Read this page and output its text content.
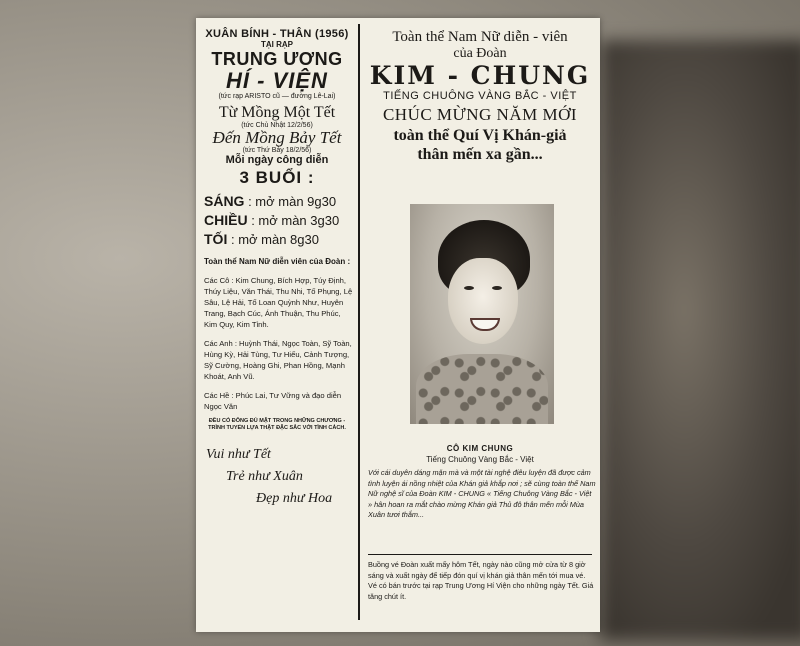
XUÂN BÍNH - THÂN (1956)
TẠI RẠP
TRUNG ƯƠNG
HÍ - VIỆN
(tức rạp ARISTO cũ — đường Lê-Lai)
Từ Mồng Một Tết
(tức Chủ Nhật 12/2/56)
Đến Mồng Bảy Tết
(tức Thứ Bảy 18/2/56)
Mỗi ngày công diễn
3 BUỔI :
SÁNG : mở màn 9g30
CHIỀU : mở màn 3g30
TỐI : mở màn 8g30
Toàn thể Nam Nữ diễn viên của Đoàn :
Các Cô : Kim Chung, Bích Hợp, Túy Định, Thúy Liệu, Văn Thái, Thu Nhi, Tố Phụng, Lệ Sâu, Lệ Hải, Tố Loan Quỳnh Như, Huyên Trang, Bạch Cúc, Ánh Thuận, Thu Phúc, Kim Quy, Kim Tỉnh.
Các Anh : Huỳnh Thái, Ngọc Toàn, Sỹ Toàn, Hùng Kỳ, Hải Tùng, Tư Hiếu, Cảnh Tượng, Sỹ Cường, Hoàng Ghi, Phan Hồng, Mạnh Khoát, Anh Vũ.
Các Hề : Phúc Lai, Tư Vững và đạo diễn Ngọc Văn
ĐỀU CÓ ĐÔNG ĐỦ MẶT TRONG NHỮNG CHƯƠNG - TRÌNH TUYỂN LỰA THẬT ĐẶC SẮC VỚI TÌNH CẢCH.
Vui như Tết
Trẻ như Xuân
Đẹp như Hoa
Toàn thể Nam Nữ diễn - viên
của Đoàn
KIM - CHUNG
TIẾNG CHUÔNG VÀNG BẮC - VIỆT
CHÚC MỪNG NĂM MỚI
toàn thể Quí Vị Khán-giả
thân mến xa gần...
CÔ KIM CHUNG
Tiếng Chuông Vàng Bắc - Việt
Với cái duyên dáng mặn mà và một tài nghệ điêu luyện đã được cảm tình luyện ái nồng nhiệt của Khán giả khắp nơi ; sẽ cùng toàn thể Nam Nữ nghệ sĩ của Đoàn KIM - CHUNG « Tiếng Chuông Vàng Bắc - Việt » hân hoan ra mắt chào mừng Khán giả Thủ đô thân mến mỗi Mùa Xuân tươi thắm...
Buồng vé Đoàn xuất mấy hôm Tết, ngày nào cũng mở cửa từ 8 giờ sáng và xuất ngày để tiếp đón quí vị khán giả thân mến tới mua vé. Vé có bán trước tại rạp Trung Ương Hí Viện cho những ngày Tết. Giá tăng chút ít.
